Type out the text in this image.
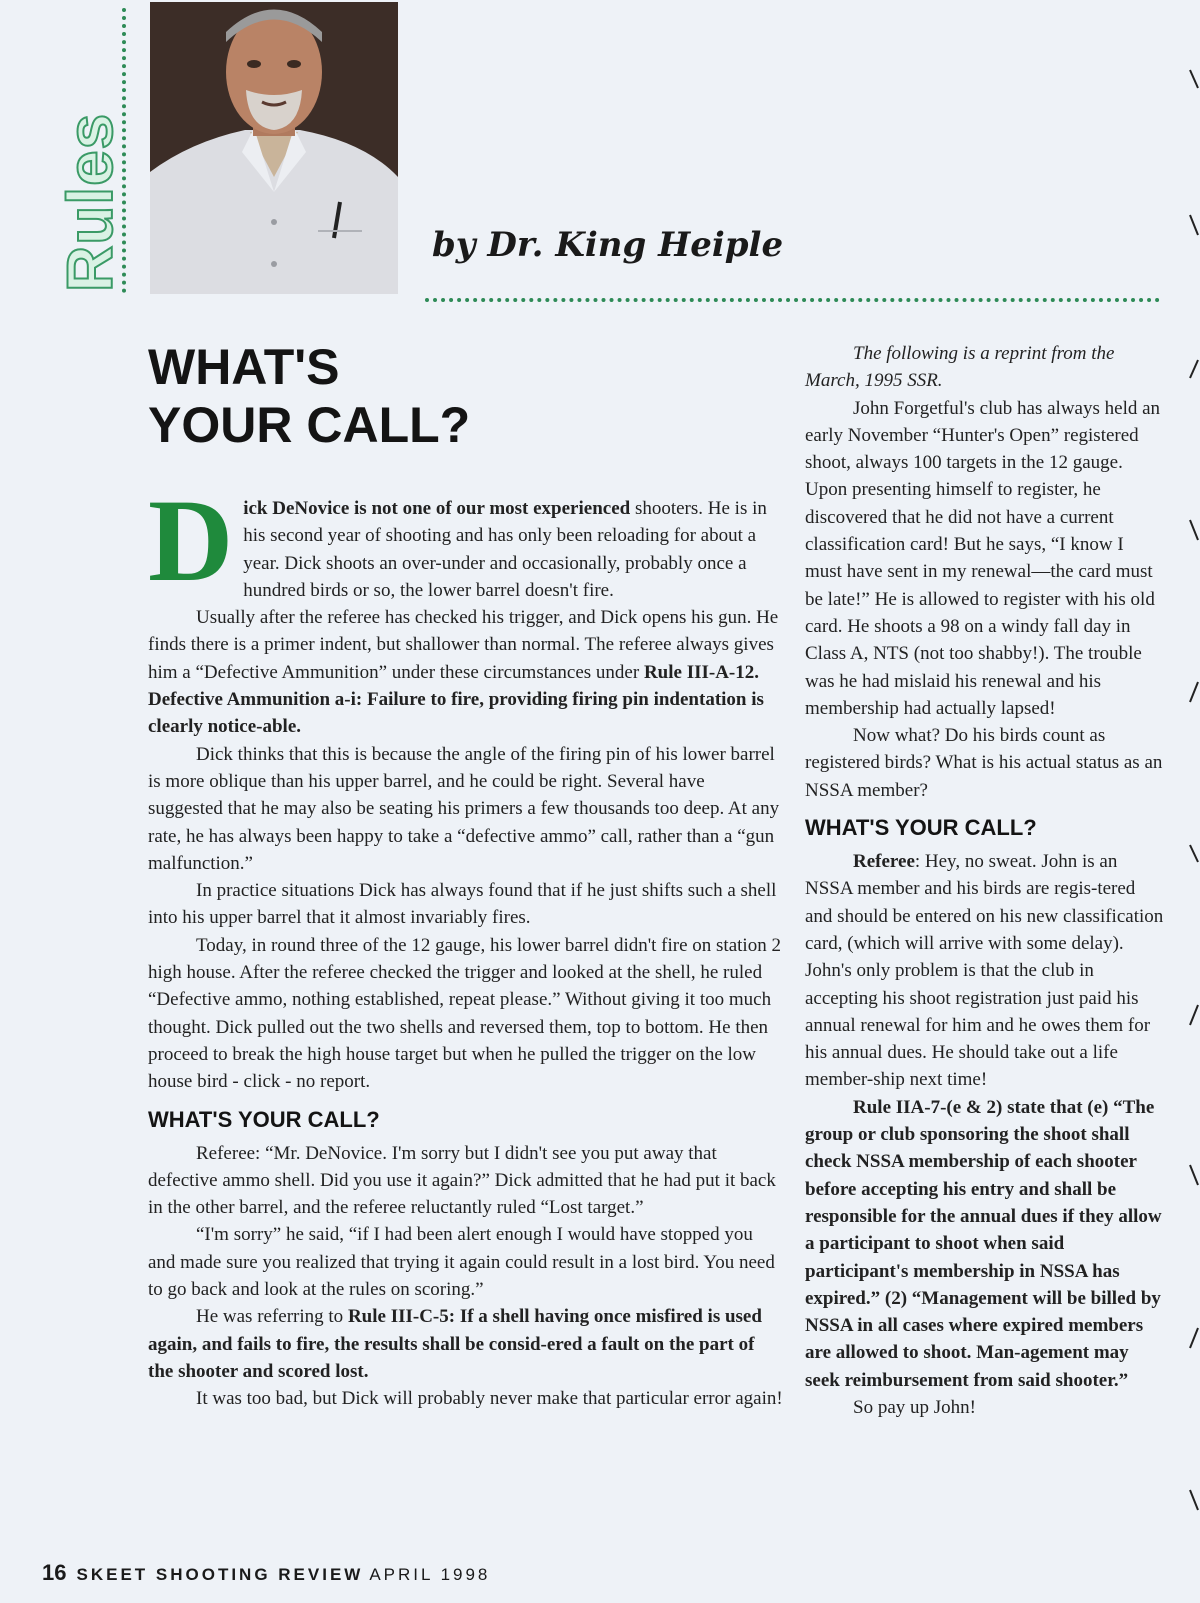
Rules	by Dr. King Heiple
WHAT'S
YOUR CALL?

Dick DeNovice is not one of our most experienced shooters. He is in his second year of shooting and has only been reloading for about a year. Dick shoots an over-under and occasionally, probably once a hundred birds or so, the lower barrel doesn't fire.

Usually after the referee has checked his trigger, and Dick opens his gun. He finds there is a primer indent, but shallower than normal. The referee always gives him a “Defective Ammunition” under these circumstances under Rule III-A-12. Defective Ammunition a-i: Failure to fire, providing firing pin indentation is clearly notice-able.

Dick thinks that this is because the angle of the firing pin of his lower barrel is more oblique than his upper barrel, and he could be right. Several have suggested that he may also be seating his primers a few thousands too deep. At any rate, he has always been happy to take a “defective ammo” call, rather than a “gun malfunction.”

In practice situations Dick has always found that if he just shifts such a shell into his upper barrel that it almost invariably fires.

Today, in round three of the 12 gauge, his lower barrel didn't fire on station 2 high house. After the referee checked the trigger and looked at the shell, he ruled “Defective ammo, nothing established, repeat please.” Without giving it too much thought. Dick pulled out the two shells and reversed them, top to bottom. He then proceed to break the high house target but when he pulled the trigger on the low house bird - click - no report.

WHAT'S YOUR CALL?

Referee: “Mr. DeNovice. I'm sorry but I didn't see you put away that defective ammo shell. Did you use it again?” Dick admitted that he had put it back in the other barrel, and the referee reluctantly ruled “Lost target.”

“I'm sorry” he said, “if I had been alert enough I would have stopped you and made sure you realized that trying it again could result in a lost bird. You need to go back and look at the rules on scoring.”

He was referring to Rule III-C-5: If a shell having once misfired is used again, and fails to fire, the results shall be consid-ered a fault on the part of the shooter and scored lost.

It was too bad, but Dick will probably never make that particular error again!

The following is a reprint from the March, 1995 SSR.

John Forgetful's club has always held an early November “Hunter's Open” registered shoot, always 100 targets in the 12 gauge. Upon presenting himself to register, he discovered that he did not have a current classification card! But he says, “I know I must have sent in my renewal—the card must be late!” He is allowed to register with his old card. He shoots a 98 on a windy fall day in Class A, NTS (not too shabby!). The trouble was he had mislaid his renewal and his membership had actually lapsed!

Now what? Do his birds count as registered birds? What is his actual status as an NSSA member?

WHAT'S YOUR CALL?

Referee: Hey, no sweat. John is an NSSA member and his birds are regis-tered and should be entered on his new classification card, (which will arrive with some delay). John's only problem is that the club in accepting his shoot registration just paid his annual renewal for him and he owes them for his annual dues. He should take out a life member-ship next time!

Rule IIA-7-(e & 2) state that (e) “The group or club sponsoring the shoot shall check NSSA membership of each shooter before accepting his entry and shall be responsible for the annual dues if they allow a participant to shoot when said participant's membership in NSSA has expired.” (2) “Management will be billed by NSSA in all cases where expired members are allowed to shoot. Man-agement may seek reimbursement from said shooter.”

So pay up John!

16 SKEET SHOOTING REVIEW APRIL 1998
